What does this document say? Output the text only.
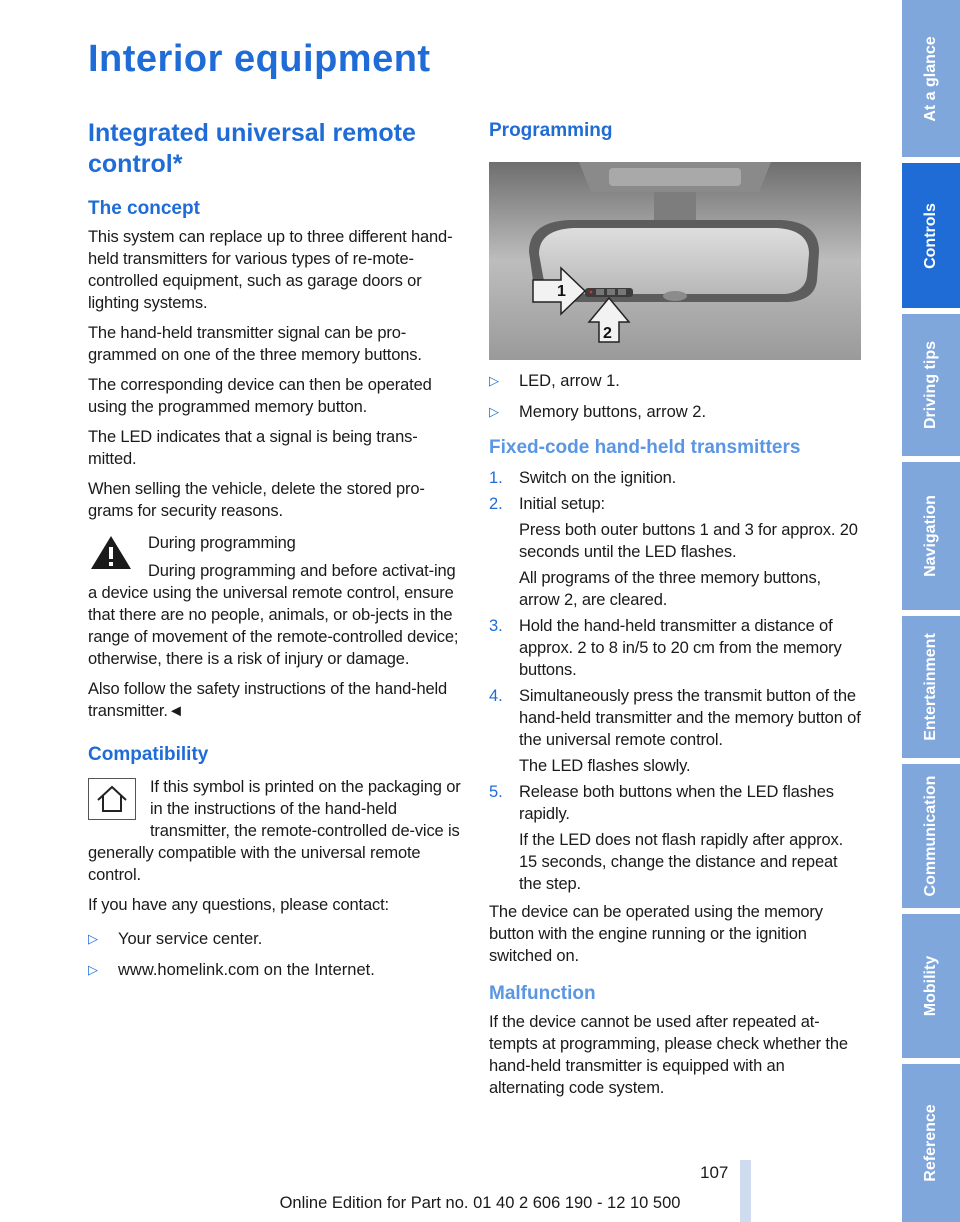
Interior equipment
Integrated universal remote control*
The concept

This system can replace up to three different hand-held transmitters for various types of re-mote-controlled equipment, such as garage doors or lighting systems.

The hand-held transmitter signal can be pro-grammed on one of the three memory buttons.

The corresponding device can then be operated using the programmed memory button.

The LED indicates that a signal is being trans-mitted.

When selling the vehicle, delete the stored pro-grams for security reasons.

During programming

During programming and before activat-ing a device using the universal remote control, ensure that there are no people, animals, or ob-jects in the range of movement of the remote-controlled device; otherwise, there is a risk of injury or damage.

Also follow the safety instructions of the hand-held transmitter.◄

Compatibility

If this symbol is printed on the packaging or in the instructions of the hand-held transmitter, the remote-controlled de-vice is generally compatible with the universal remote control.

If you have any questions, please contact:

▷ Your service center.
▷ www.homelink.com on the Internet.
Programming
1
2
▷ LED, arrow 1.
▷ Memory buttons, arrow 2.
Fixed-code hand-held transmitters
1. Switch on the ignition.

2. Initial setup:

Press both outer buttons 1 and 3 for approx. 20 seconds until the LED flashes.

All programs of the three memory buttons, arrow 2, are cleared.

3. Hold the hand-held transmitter a distance of approx. 2 to 8 in/5 to 20 cm from the memory buttons.

4. Simultaneously press the transmit button of the hand-held transmitter and the memory button of the universal remote control.

The LED flashes slowly.

5. Release both buttons when the LED flashes rapidly.

If the LED does not flash rapidly after approx. 15 seconds, change the distance and repeat the step.

The device can be operated using the memory button with the engine running or the ignition switched on.

Malfunction

If the device cannot be used after repeated at-tempts at programming, please check whether the hand-held transmitter is equipped with an alternating code system.

At a glance
Controls
Driving tips
Navigation
Entertainment
Communication
Mobility
Reference
107
Online Edition for Part no. 01 40 2 606 190 - 12 10 500
